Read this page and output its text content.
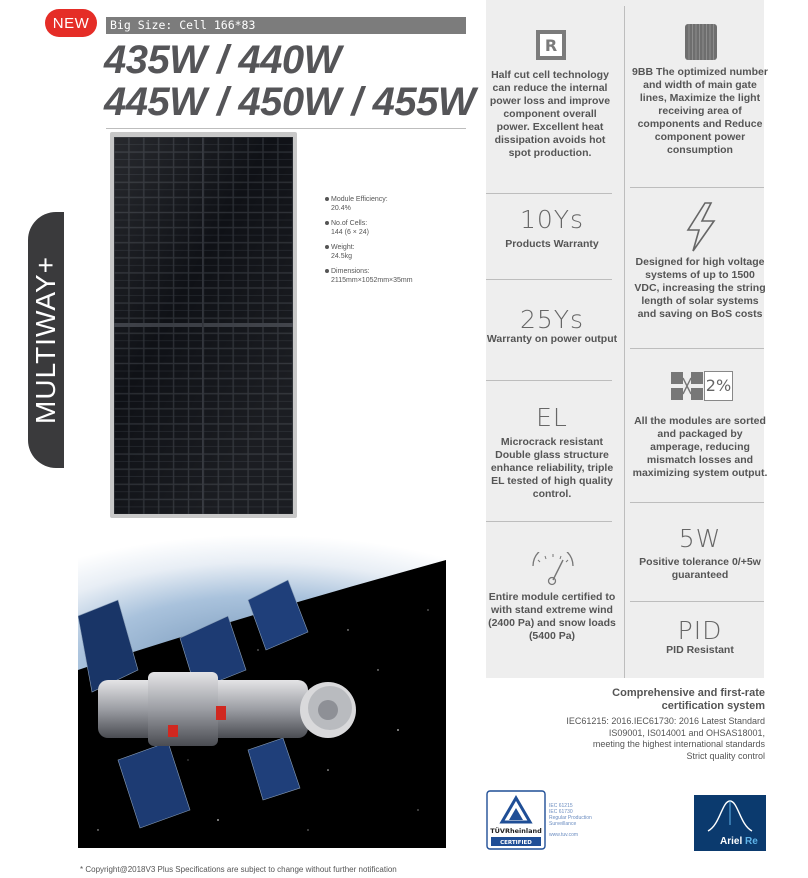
MULTIWAY+
NEW	Big Size: Cell 166*83
435W / 440W
445W / 450W / 455W
Module Efficiency:
20.4%
No.of Cells:
144 (6 × 24)
Weight:
24.5kg
Dimensions:
2115mm×1052mm×35mm
R
Half cut cell technology can reduce the internal power loss and improve component overall power. Excellent heat dissipation avoids hot spot production.
10Ys
Products Warranty
25Ys
Warranty on power output
EL
Microcrack resistant Double glass structure enhance reliability, triple EL tested of high quality control.
Entire module certified to with stand extreme wind (2400 Pa) and snow loads (5400 Pa)
9BB The optimized number and width of main gate lines, Maximize the light receiving area of components and Reduce component power consumption
Designed for high voltage systems of up to 1500 VDC, increasing the string length of solar systems and saving on BoS costs
2%
All the modules are sorted and packaged by amperage, reducing mismatch losses and maximizing system output.
5W
Positive tolerance 0/+5w guaranteed
PID
PID Resistant
Comprehensive and first-rate certification system
IEC61215: 2016.IEC61730: 2016 Latest Standard
IS09001, IS014001 and OHSAS18001,
meeting the highest international standards
Strict quality control
TÜVRheinland
CERTIFIED
IEC 61215
IEC 61730
Regular Production
Surveillance
www.tuv.com
Ariel Re
* Copyright@2018V3 Plus Specifications are subject to change without further notification
